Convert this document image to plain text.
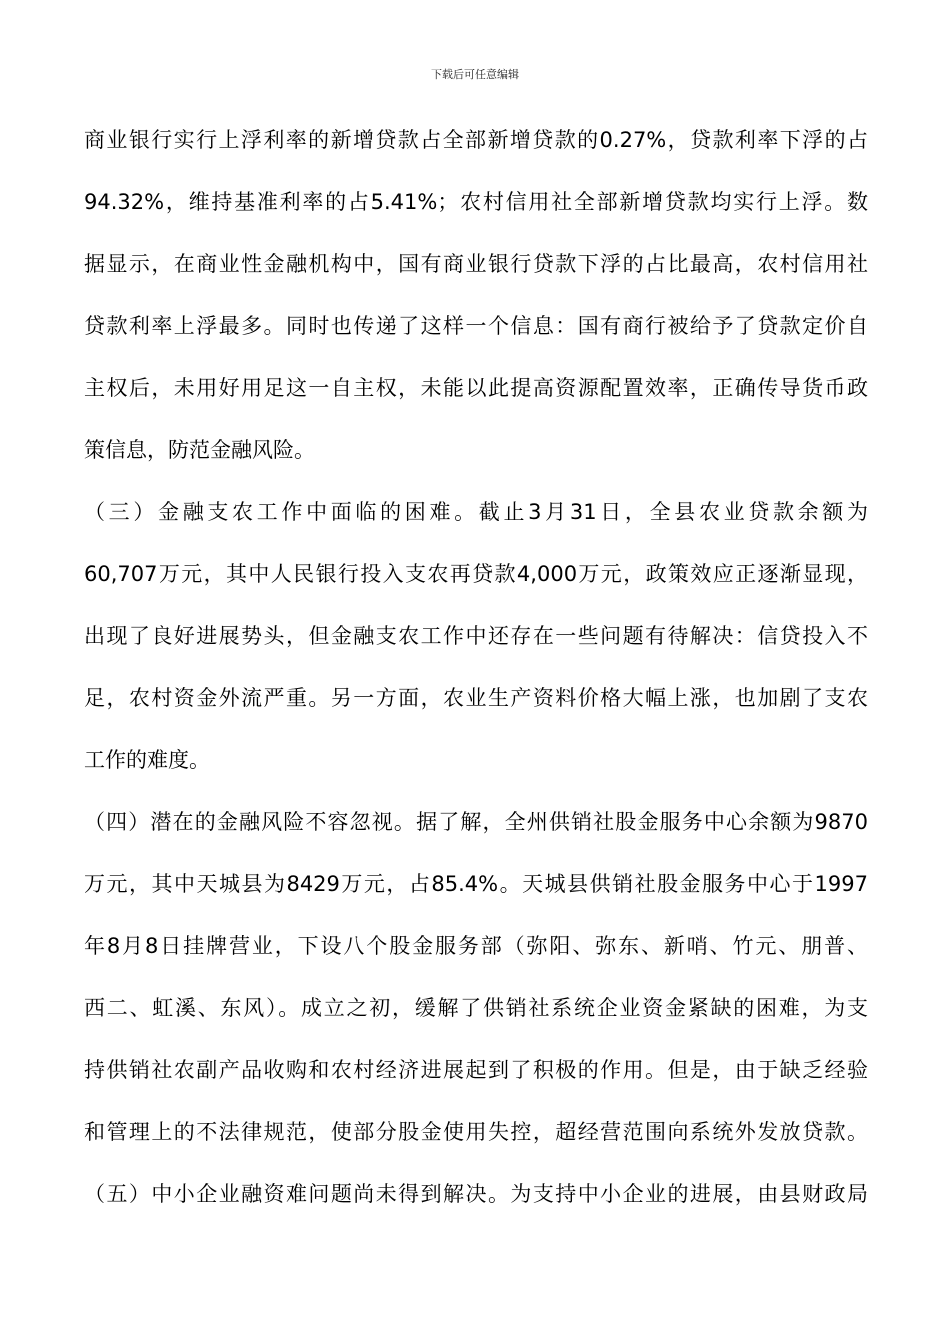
下载后可任意编辑
商业银行实行上浮利率的新增贷款占全部新增贷款的0.27%，贷款利率下浮的占
94.32%，维持基准利率的占5.41%；农村信用社全部新增贷款均实行上浮。数
据显示，在商业性金融机构中，国有商业银行贷款下浮的占比最高，农村信用社
贷款利率上浮最多。同时也传递了这样一个信息：国有商行被给予了贷款定价自
主权后，未用好用足这一自主权，未能以此提高资源配置效率，正确传导货币政
策信息，防范金融风险。
（三）金融支农工作中面临的困难。截止3月31日，全县农业贷款余额为
60,707万元，其中人民银行投入支农再贷款4,000万元，政策效应正逐渐显现，
出现了良好进展势头，但金融支农工作中还存在一些问题有待解决：信贷投入不
足，农村资金外流严重。另一方面，农业生产资料价格大幅上涨，也加剧了支农
工作的难度。
（四）潜在的金融风险不容忽视。据了解，全州供销社股金服务中心余额为9870
万元，其中天城县为8429万元，占85.4%。天城县供销社股金服务中心于1997
年8月8日挂牌营业，下设八个股金服务部（弥阳、弥东、新哨、竹元、朋普、
西二、虹溪、东风）。成立之初，缓解了供销社系统企业资金紧缺的困难，为支
持供销社农副产品收购和农村经济进展起到了积极的作用。但是，由于缺乏经验
和管理上的不法律规范，使部分股金使用失控，超经营范围向系统外发放贷款。
（五）中小企业融资难问题尚未得到解决。为支持中小企业的进展，由县财政局
